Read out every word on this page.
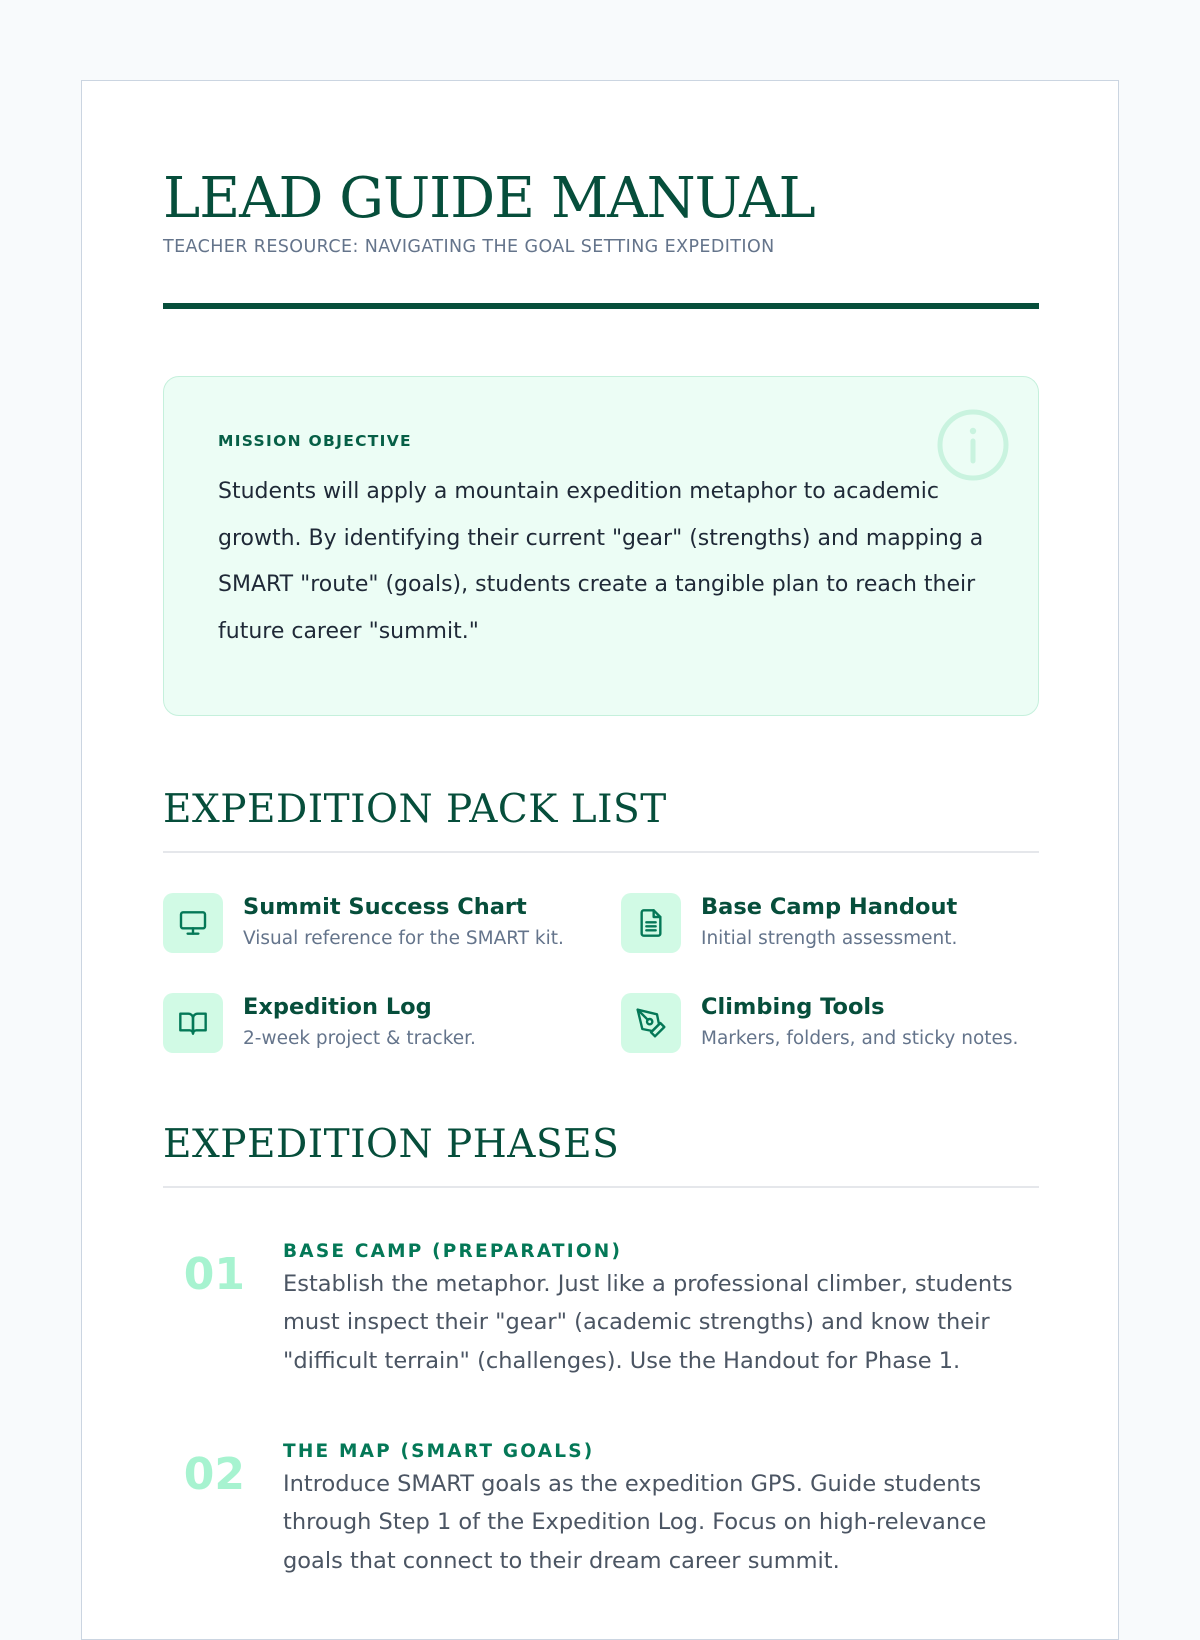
LEAD GUIDE MANUAL
TEACHER RESOURCE: NAVIGATING THE GOAL SETTING EXPEDITION
MISSION OBJECTIVE

Students will apply a mountain expedition metaphor to academic growth. By identifying their current "gear" (strengths) and mapping a SMART "route" (goals), students create a tangible plan to reach their future career "summit."

EXPEDITION PACK LIST
Summit Success Chart
Visual reference for the SMART kit.
Base Camp Handout
Initial strength assessment.
Expedition Log
2-week project & tracker.
Climbing Tools
Markers, folders, and sticky notes.
EXPEDITION PHASES
01 BASE CAMP (PREPARATION)

Establish the metaphor. Just like a professional climber, students must inspect their "gear" (academic strengths) and know their "difficult terrain" (challenges). Use the Handout for Phase 1.

02 THE MAP (SMART GOALS)

Introduce SMART goals as the expedition GPS. Guide students through Step 1 of the Expedition Log. Focus on high-relevance goals that connect to their dream career summit.
